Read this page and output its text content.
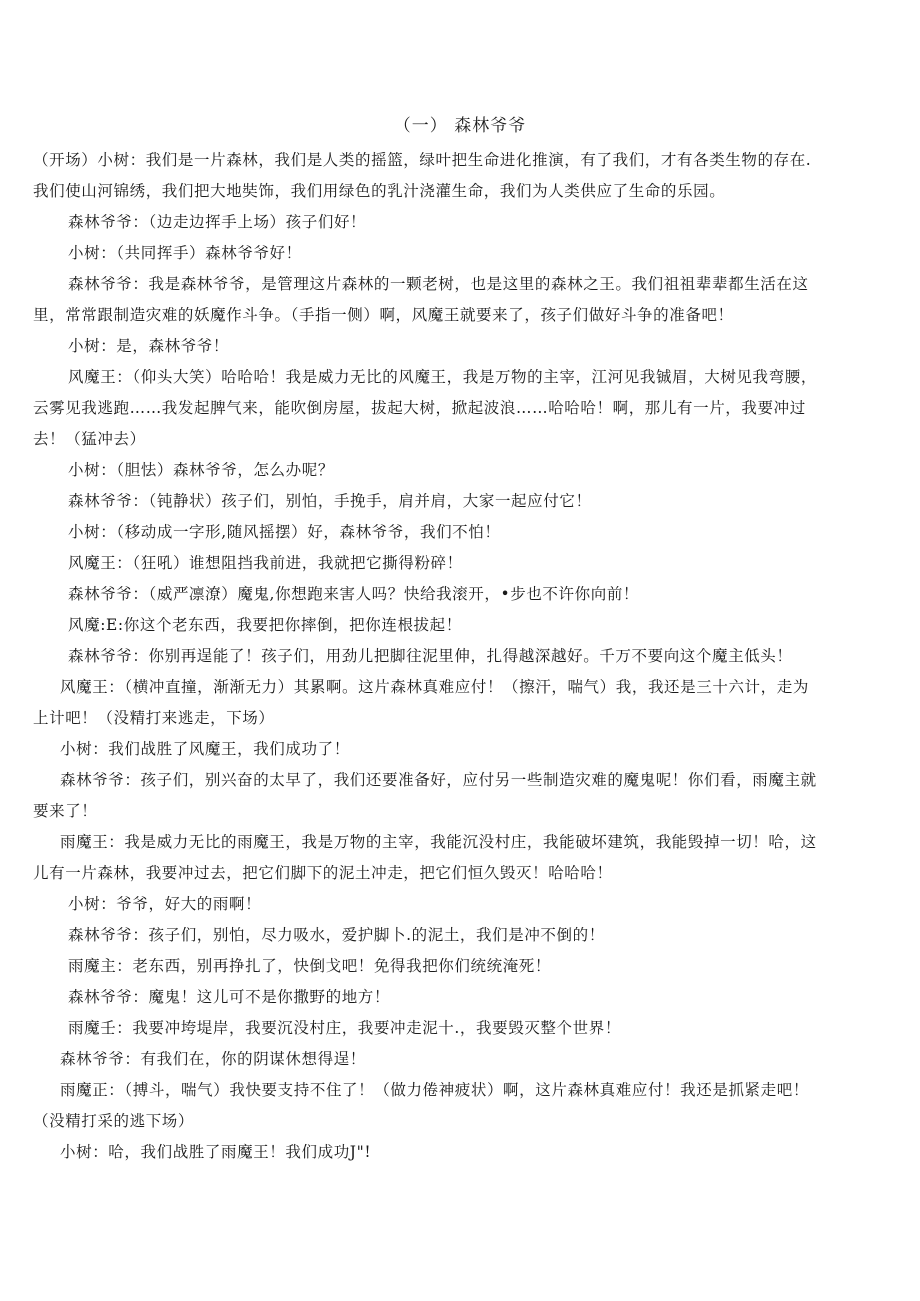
（一） 森林爷爷
（开场）小树：我们是一片森林，我们是人类的摇篮，绿叶把生命进化推演，有了我们，才有各类生物的存在.
我们使山河锦绣，我们把大地奘饰，我们用绿色的乳汁浇灌生命，我们为人类供应了生命的乐园。
森林爷爷：（边走边挥手上场）孩子们好！
小树：（共同挥手）森林爷爷好！
森林爷爷：我是森林爷爷，是管理这片森林的一颗老树，也是这里的森林之王。我们祖祖辈辈都生活在这
里，常常跟制造灾难的妖魔作斗争。（手指一侧）啊，风魔王就要来了，孩子们做好斗争的准备吧！
小树：是，森林爷爷！
风魔王：（仰头大笑）哈哈哈！我是威力无比的风魔王，我是万物的主宰，江河见我铖眉，大树见我弯腰，
云雾见我逃跑……我发起脾气来，能吹倒房屋，拔起大树，掀起波浪……哈哈哈！啊，那儿有一片，我要冲过
去！（猛冲去）
小树：（胆怯）森林爷爷，怎么办呢？
森林爷爷：（钝静状）孩子们，别怕，手挽手，肩并肩，大家一起应付它！
小树：（移动成一字形,随风摇摆）好，森林爷爷，我们不怕！
风魔王：（狂吼）谁想阻挡我前进，我就把它撕得粉碎！
森林爷爷：（威严凛潦）魔鬼,你想跑来害人吗？快给我滚开，•步也不许你向前！
风魔:E:你这个老东西，我要把你摔倒，把你连根拔起！
森林爷爷：你别再逞能了！孩子们，用劲儿把脚往泥里伸，扎得越深越好。千万不要向这个魔主低头！
风魔王：（横冲直撞，渐渐无力）其累啊。这片森林真难应付！（擦汗，喘气）我，我还是三十六计，走为
上计吧！（没精打来逃走，下场）
小树：我们战胜了风魔王，我们成功了！
森林爷爷：孩子们，别兴奋的太早了，我们还要准备好，应付另一些制造灾难的魔鬼呢！你们看，雨魔主就
要来了！
雨魔王：我是威力无比的雨魔王，我是万物的主宰，我能沉没村庄，我能破坏建筑，我能毁掉一切！哈，这
儿有一片森林，我要冲过去，把它们脚下的泥土冲走，把它们恒久毁灭！哈哈哈！
小树：爷爷，好大的雨啊！
森林爷爷：孩子们，别怕，尽力吸水，爱护脚卜.的泥土，我们是冲不倒的！
雨魔主：老东西，别再挣扎了，快倒戈吧！免得我把你们统统淹死！
森林爷爷：魔鬼！这儿可不是你撒野的地方！
雨魔壬：我要冲垮堤岸，我要沉没村庄，我要冲走泥十.，我要毁灭整个世界！
森林爷爷：有我们在，你的阴谋休想得逞！
雨魔正：（搏斗，喘气）我快要支持不住了！（做力倦神疲状）啊，这片森林真难应付！我还是抓紧走吧！
（没精打采的逃下场）
小树：哈，我们战胜了雨魔王！我们成功J"!
